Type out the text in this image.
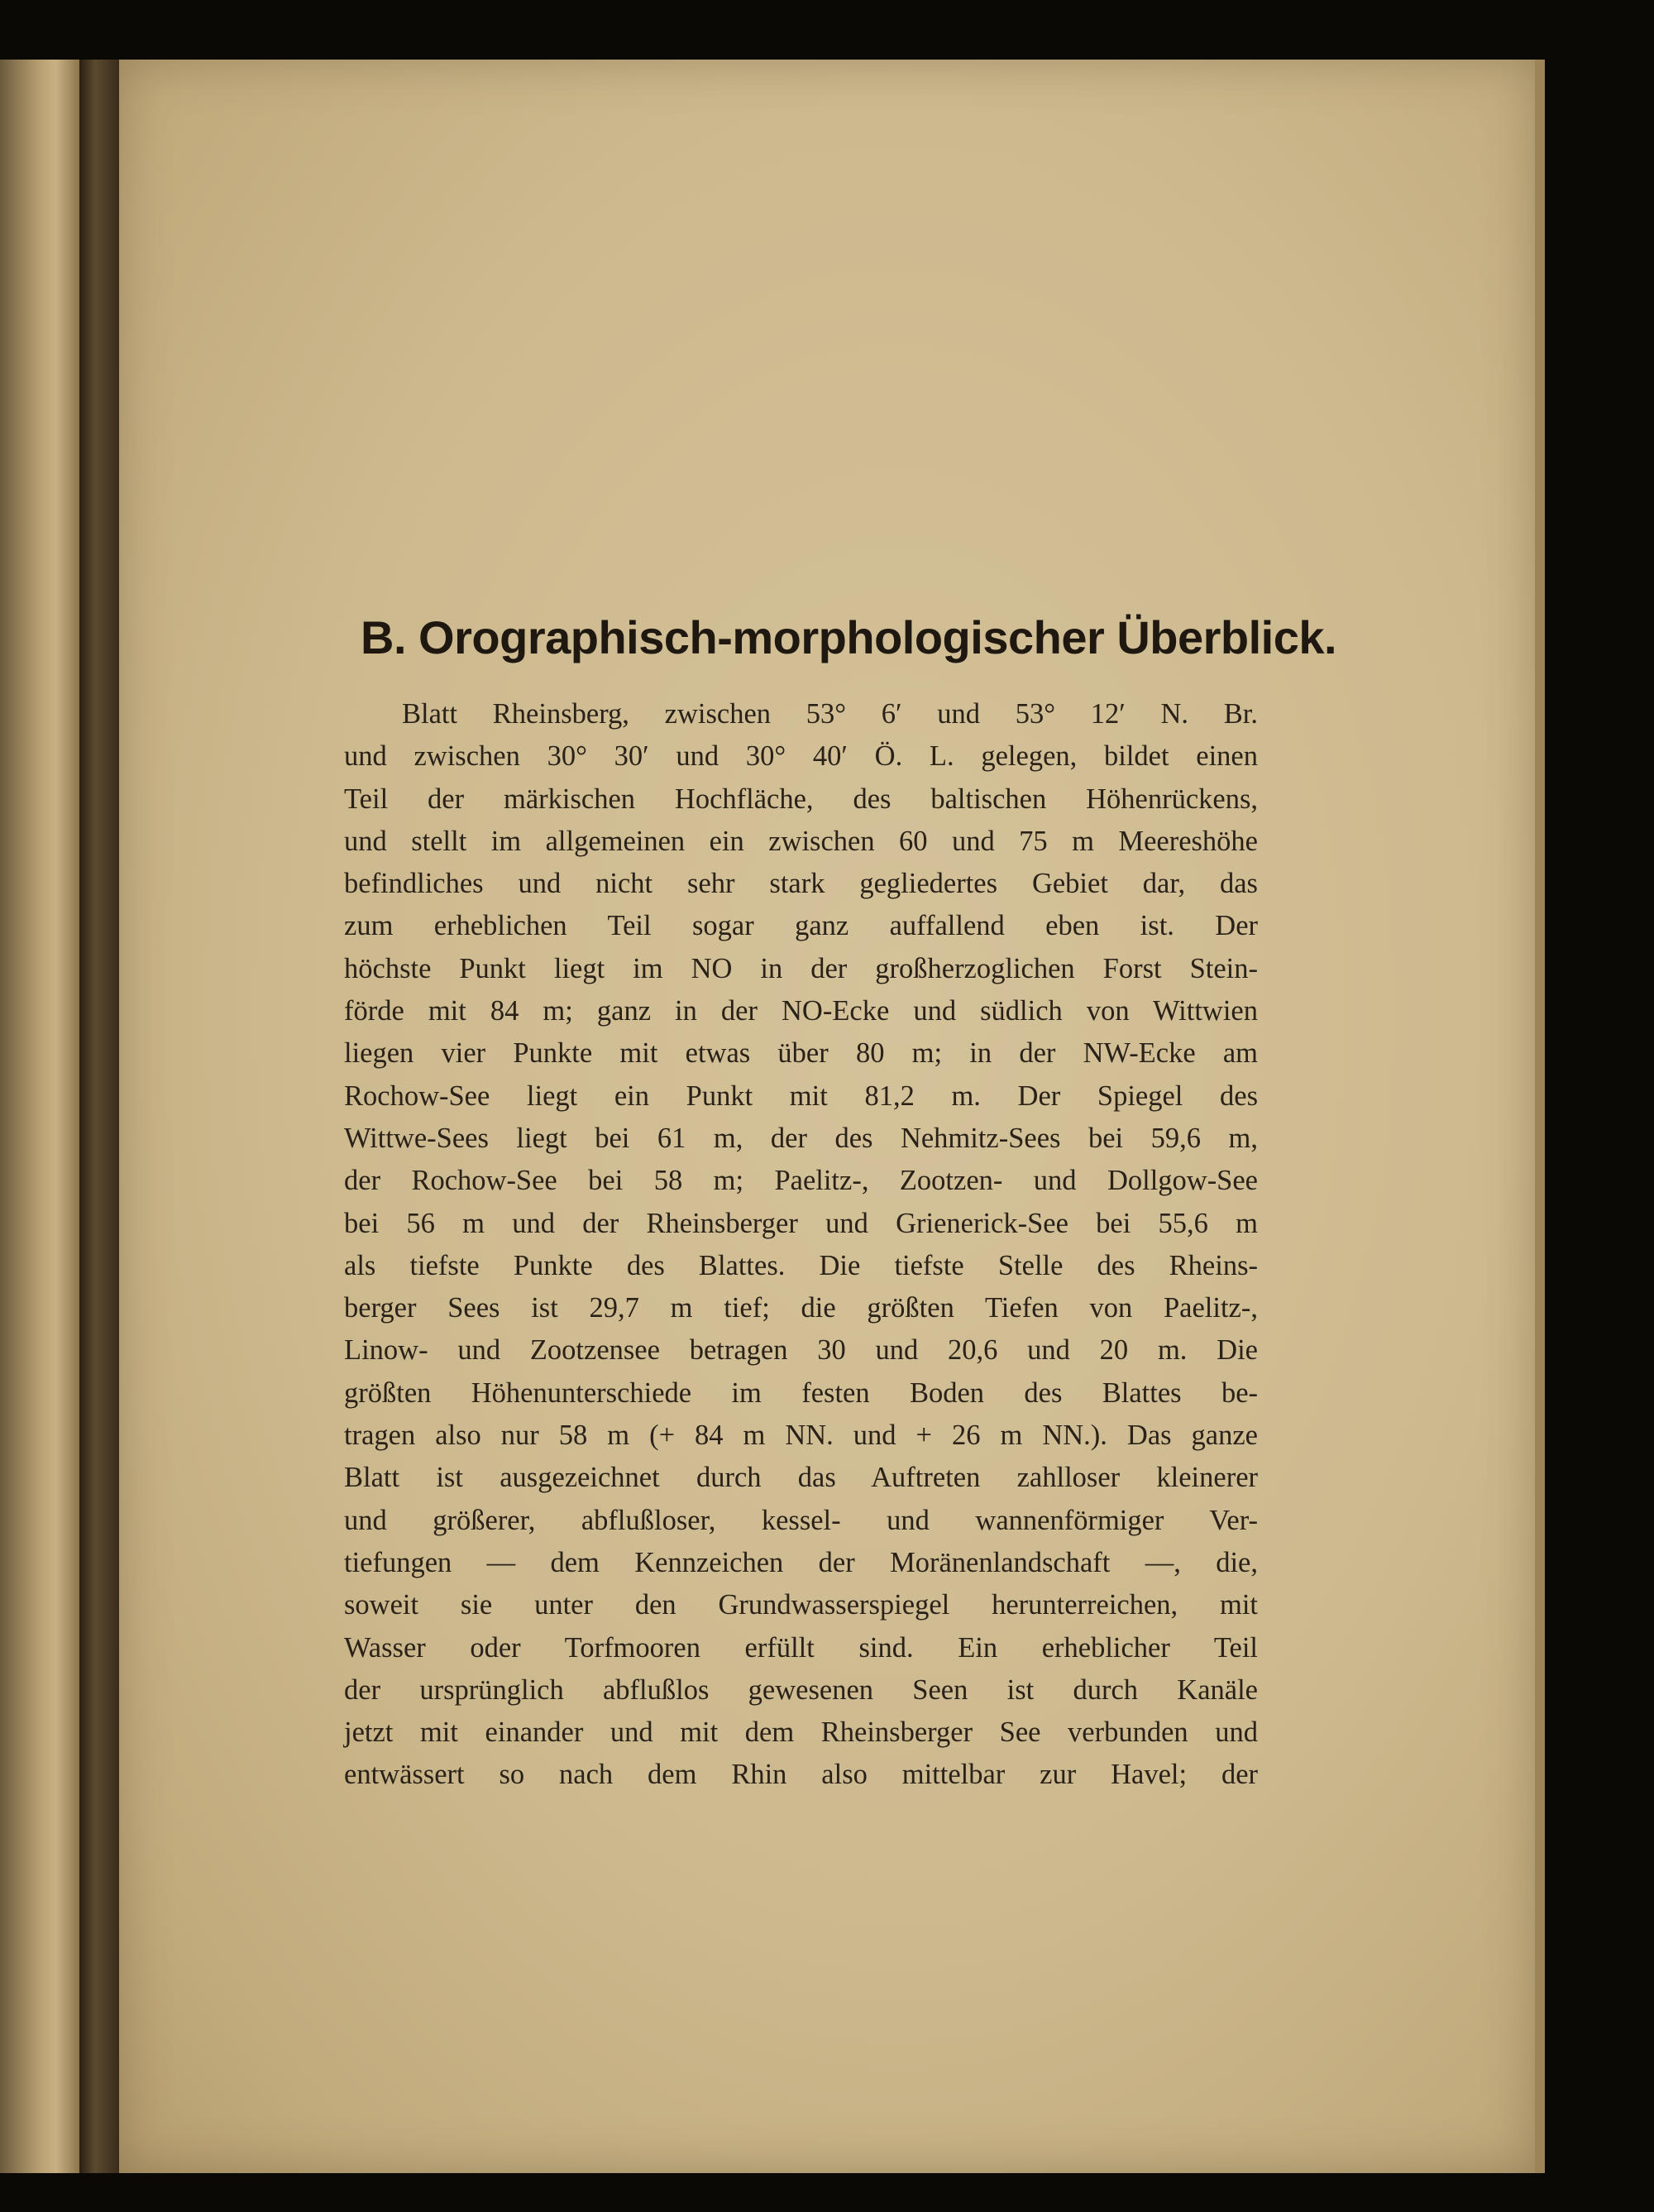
B. Orographisch-morphologischer Überblick.
Blatt Rheinsberg, zwischen 53° 6′ und 53° 12′ N. Br.
und zwischen 30° 30′ und 30° 40′ Ö. L. gelegen, bildet einen
Teil der märkischen Hochfläche, des baltischen Höhenrückens,
und stellt im allgemeinen ein zwischen 60 und 75 m Meereshöhe
befindliches und nicht sehr stark gegliedertes Gebiet dar, das
zum erheblichen Teil sogar ganz auffallend eben ist. Der
höchste Punkt liegt im NO in der großherzoglichen Forst Stein-
förde mit 84 m; ganz in der NO-Ecke und südlich von Wittwien
liegen vier Punkte mit etwas über 80 m; in der NW-Ecke am
Rochow-See liegt ein Punkt mit 81,2 m. Der Spiegel des
Wittwe-Sees liegt bei 61 m, der des Nehmitz-Sees bei 59,6 m,
der Rochow-See bei 58 m; Paelitz-, Zootzen- und Dollgow-See
bei 56 m und der Rheinsberger und Grienerick-See bei 55,6 m
als tiefste Punkte des Blattes. Die tiefste Stelle des Rheins-
berger Sees ist 29,7 m tief; die größten Tiefen von Paelitz-,
Linow- und Zootzensee betragen 30 und 20,6 und 20 m. Die
größten Höhenunterschiede im festen Boden des Blattes be-
tragen also nur 58 m (+ 84 m NN. und + 26 m NN.). Das ganze
Blatt ist ausgezeichnet durch das Auftreten zahlloser kleinerer
und größerer, abflußloser, kessel- und wannenförmiger Ver-
tiefungen — dem Kennzeichen der Moränenlandschaft —, die,
soweit sie unter den Grundwasserspiegel herunterreichen, mit
Wasser oder Torfmooren erfüllt sind. Ein erheblicher Teil
der ursprünglich abflußlos gewesenen Seen ist durch Kanäle
jetzt mit einander und mit dem Rheinsberger See verbunden und
entwässert so nach dem Rhin also mittelbar zur Havel; der
